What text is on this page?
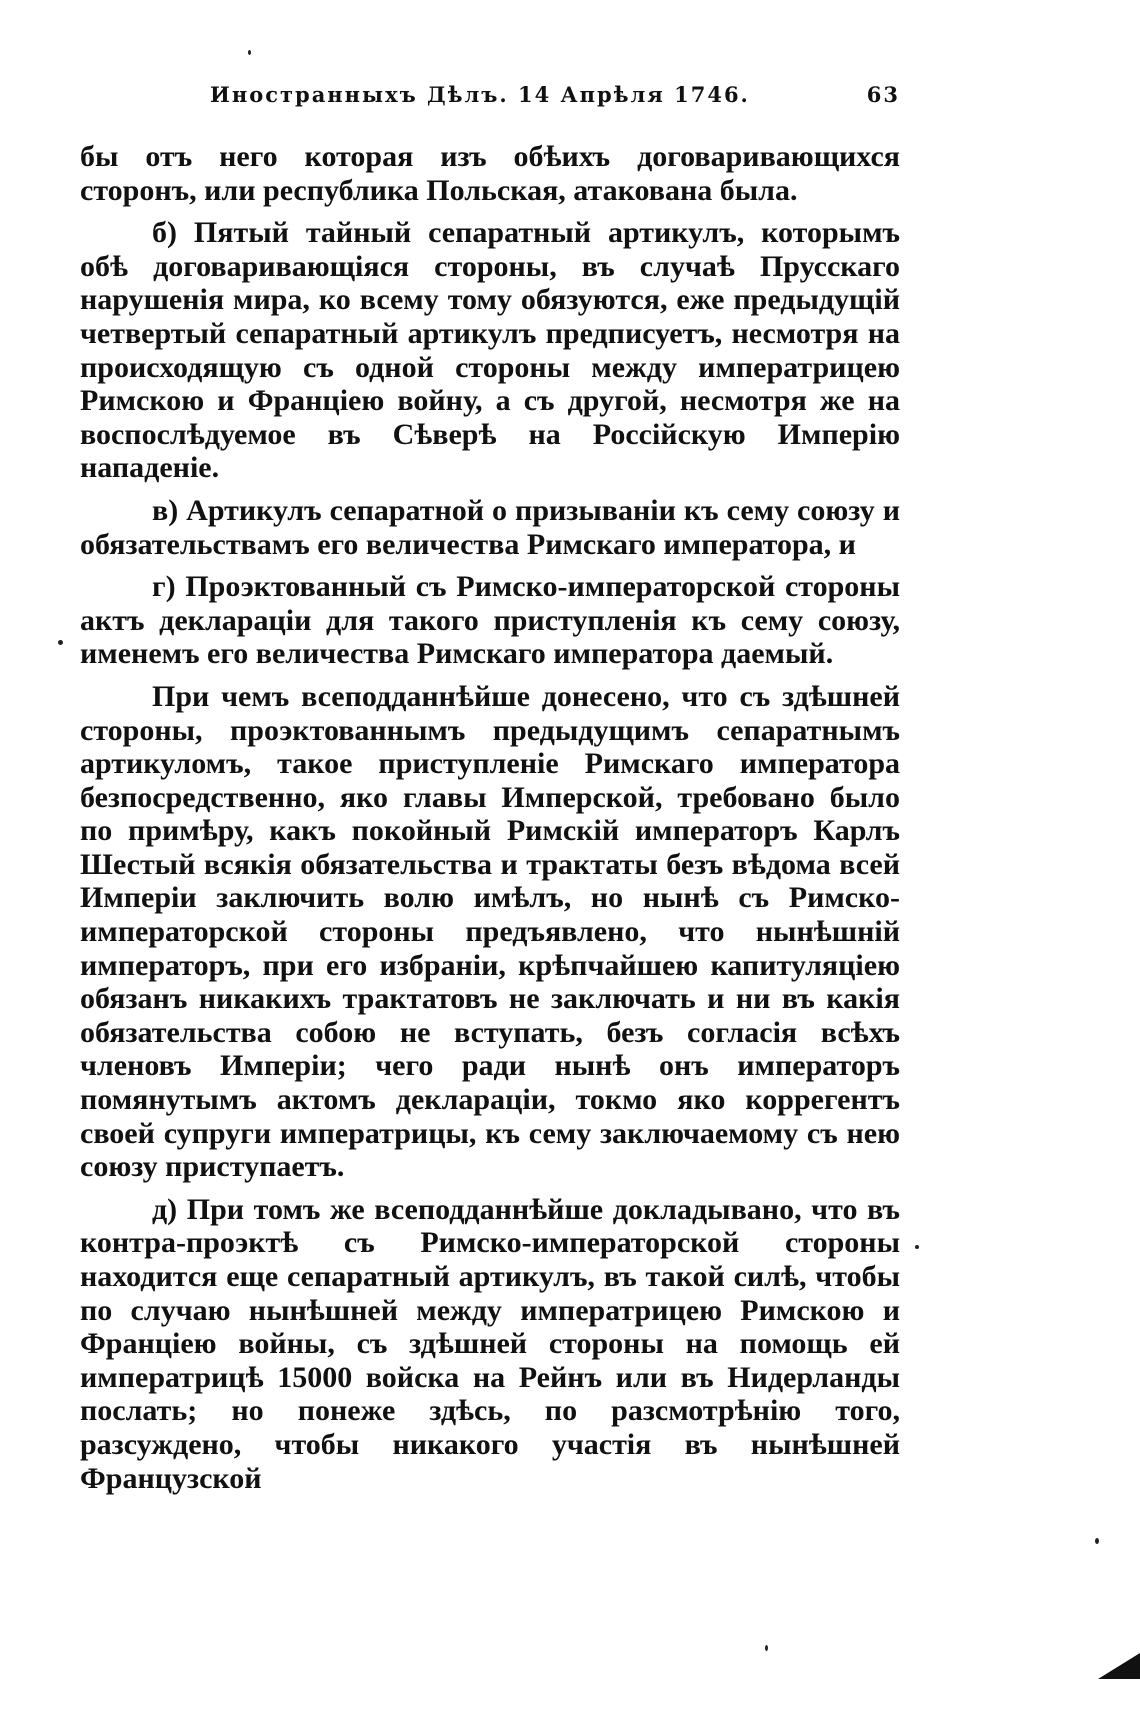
Иностранныхъ Дѣлъ. 14 Апрѣля 1746.	63

бы отъ него которая изъ обѣихъ договаривающихся сторонъ, или республика Польская, атакована была.

б) Пятый тайный сепаратный артикулъ, которымъ обѣ договаривающіяся стороны, въ случаѣ Прусскаго нарушенія мира, ко всему тому обязуются, еже предыдущій четвертый сепаратный артикулъ предписуетъ, несмотря на происходящую съ одной стороны между императрицею Римскою и Франціею войну, а съ другой, несмотря же на воспослѣдуемое въ Сѣверѣ на Россійскую Имперію нападеніе.

в) Артикулъ сепаратной о призываніи къ сему союзу и обязательствамъ его величества Римскаго императора, и

г) Проэктованный съ Римско-императорской стороны актъ деклараціи для такого приступленія къ сему союзу, именемъ его величества Римскаго императора даемый.

При чемъ всеподданнѣйше донесено, что съ здѣшней стороны, проэктованнымъ предыдущимъ сепаратнымъ артикуломъ, такое приступленіе Римскаго императора безпосредственно, яко главы Имперской, требовано было по примѣру, какъ покойный Римскій императоръ Карлъ Шестый всякія обязательства и трактаты безъ вѣдома всей Имперіи заключить волю имѣлъ, но нынѣ съ Римско-императорской стороны предъявлено, что нынѣшній императоръ, при его избраніи, крѣпчайшею капитуляціею обязанъ никакихъ трактатовъ не заключать и ни въ какія обязательства собою не вступать, безъ согласія всѣхъ членовъ Имперіи; чего ради нынѣ онъ императоръ помянутымъ актомъ деклараціи, токмо яко коррегентъ своей супруги императрицы, къ сему заключаемому съ нею союзу приступаетъ.

д) При томъ же всеподданнѣйше докладывано, что въ контра-проэктѣ съ Римско-императорской стороны находится еще сепаратный артикулъ, въ такой силѣ, чтобы по случаю нынѣшней между императрицею Римскою и Франціею войны, съ здѣшней стороны на помощь ей императрицѣ 15000 войска на Рейнъ или въ Нидерланды послать; но понеже здѣсь, по разсмотрѣнію того, разсуждено, чтобы никакого участія въ нынѣшней Французской
